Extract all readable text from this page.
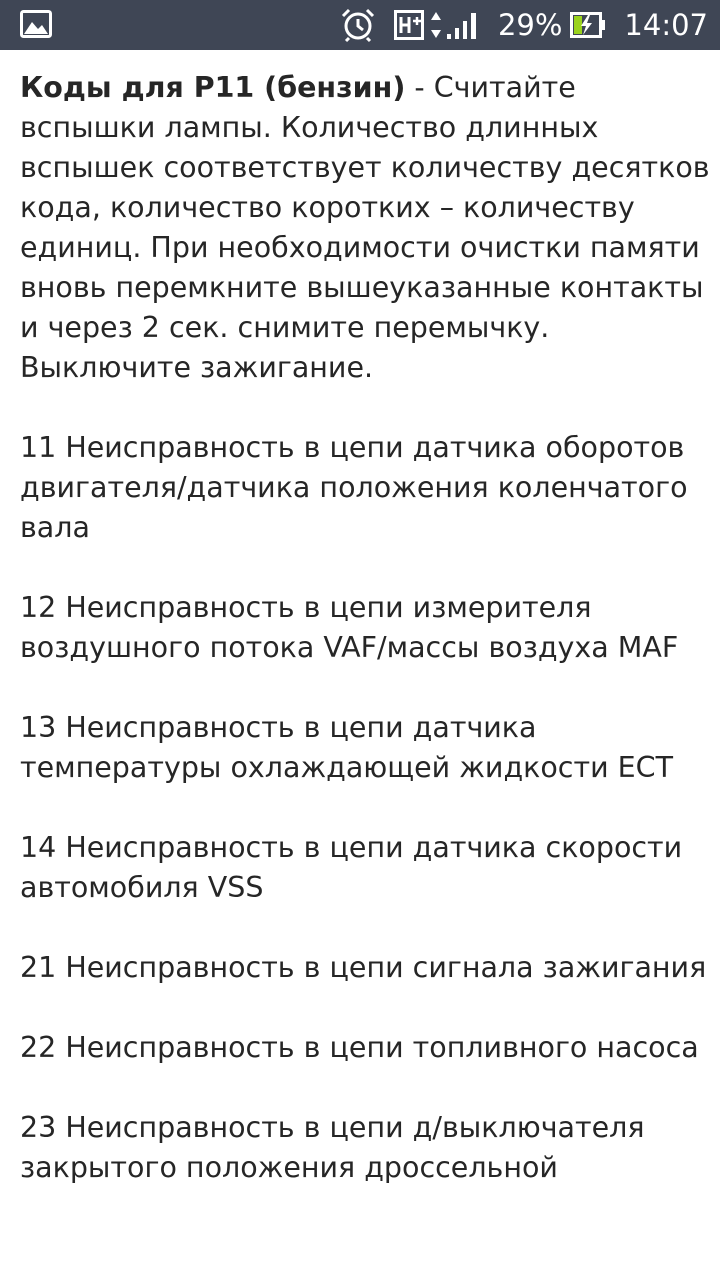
29% 14:07

Коды для Р11 (бензин) - Считайте вспышки лампы. Количество длинных вспышек соответствует количеству десятков кода, количество коротких – количеству единиц. При необходимости очистки памяти вновь перемкните вышеуказанные контакты и через 2 сек. снимите перемычку. Выключите зажигание.

11 Неисправность в цепи датчика оборотов двигателя/датчика положения коленчатого вала

12 Неисправность в цепи измерителя воздушного потока VAF/массы воздуха MAF

13 Неисправность в цепи датчика температуры охлаждающей жидкости ECT

14 Неисправность в цепи датчика скорости автомобиля VSS

21 Неисправность в цепи сигнала зажигания

22 Неисправность в цепи топливного насоса

23 Неисправность в цепи д/выключателя закрытого положения дроссельной
